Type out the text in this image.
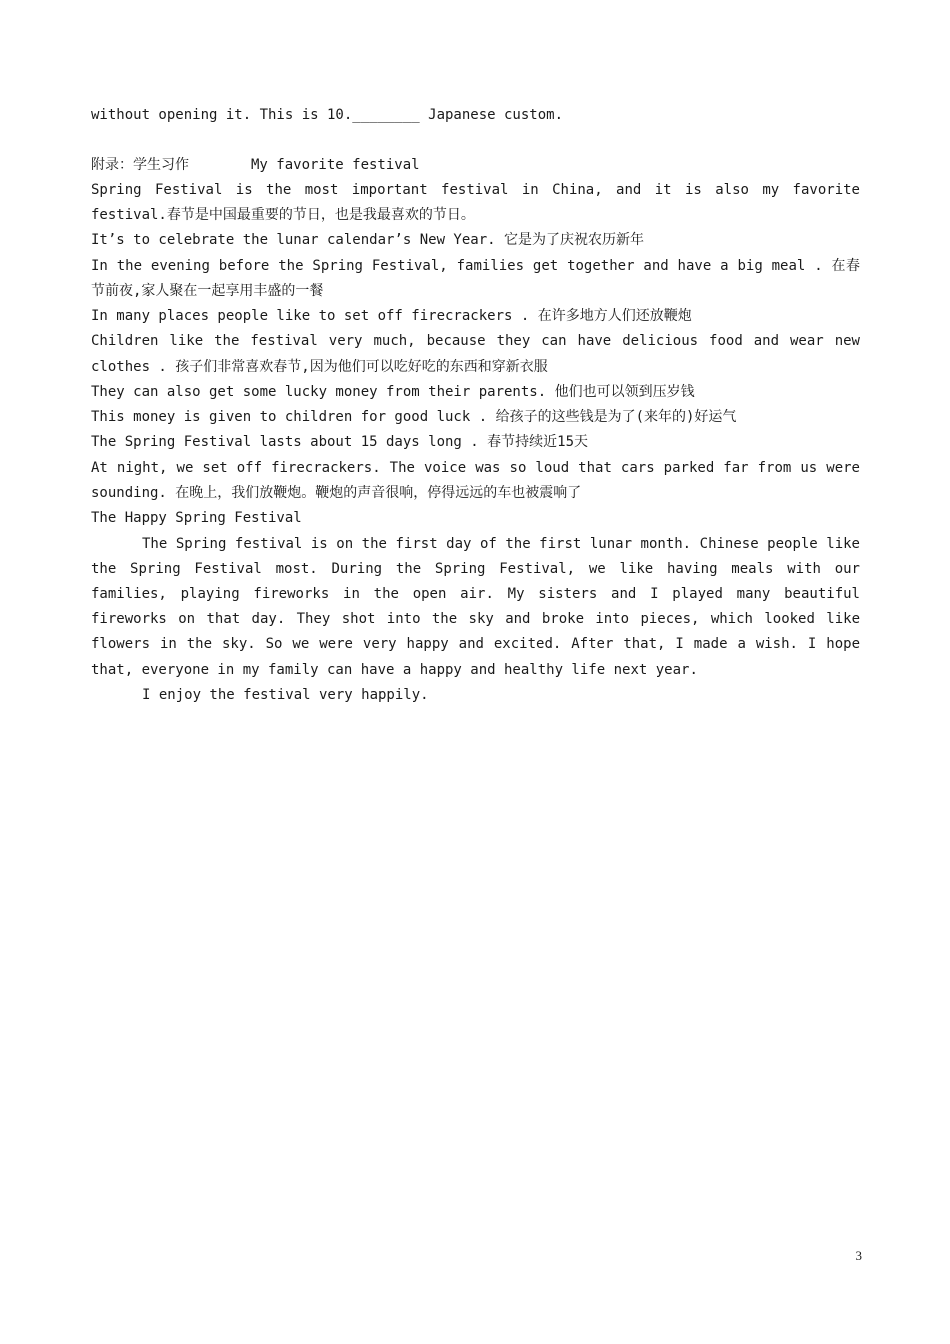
without opening it. This is 10.________ Japanese custom.
附录：学生习作	My favorite festival
Spring Festival is the most important festival in China, and it is also my favorite
festival.春节是中国最重要的节日，也是我最喜欢的节日。
It’s to celebrate the lunar calendar’s New Year. 它是为了庆祝农历新年
In the evening before the Spring Festival, families get together and have a big meal . 在春
节前夜,家人聚在一起享用丰盛的一餐
In many places people like to set off firecrackers . 在许多地方人们还放鞭炮
Children like the festival very much, because they can have delicious food and wear new
clothes . 孩子们非常喜欢春节,因为他们可以吃好吃的东西和穿新衣服
They can also get some lucky money from their parents. 他们也可以领到压岁钱
This money is given to children for good luck . 给孩子的这些钱是为了(来年的)好运气
The Spring Festival lasts about 15 days long . 春节持续近15天
At night, we set off firecrackers. The voice was so loud that cars parked far from us were
sounding. 在晚上，我们放鞭炮。鞭炮的声音很响，停得远远的车也被震响了
The Happy Spring Festival
The Spring festival is on the first day of the first lunar month. Chinese people like
the Spring Festival most. During the Spring Festival, we like having meals with our
families, playing fireworks in the open air. My sisters and I played many beautiful
fireworks on that day. They shot into the sky and broke into pieces, which looked like
flowers in the sky. So we were very happy and excited. After that, I made a wish. I hope
that, everyone in my family can have a happy and healthy life next year.
I enjoy the festival very happily.
3
